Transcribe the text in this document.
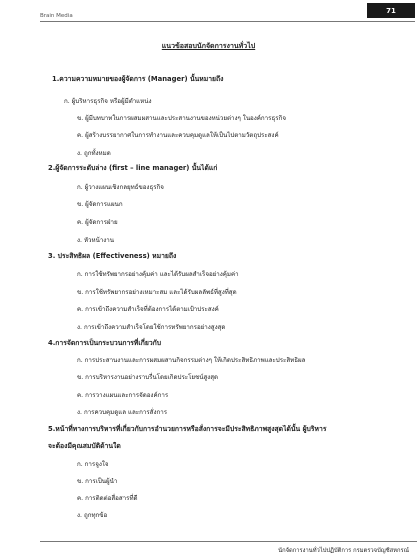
Brain Media
71
แนวข้อสอบนักจัดการงานทั่วไป
1.ความความหมายของผู้จัดการ (Manager) นั้นหมายถึง
ก. ผู้บริหารธุรกิจ หรือผู้มีตำแหน่ง
ข. ผู้มีบทบาทในการผสมผสานและประสานงานของหน่วยต่างๆ ในองค์การธุรกิจ
ค. ผู้สร้างบรรยากาศในการทำงานและควบคุมดูแลให้เป็นไปตามวัตถุประสงค์
ง. ถูกทั้งหมด
2.ผู้จัดการระดับล่าง (first – line manager) นั้นได้แก่
ก. ผู้วางแผนเชิงกลยุทธ์ของธุรกิจ
ข. ผู้จัดการแผนก
ค. ผู้จัดการฝ่าย
ง. หัวหน้างาน
3. ประสิทธิผล (Effectiveness) หมายถึง
ก. การใช้ทรัพยากรอย่างคุ้มค่า และได้รับผลสำเร็จอย่างคุ้มค่า
ข. การใช้ทรัพยากรอย่างเหมาะสม และได้รับผลลัพธ์ที่สูงที่สุด
ค. การเข้าถึงความสำเร็จที่ต้องการได้ตามเป้าประสงค์
ง. การเข้าถึงความสำเร็จโดยใช้การทรัพยากรอย่างสูงสุด
4.การจัดการเป็นกระบวนการที่เกี่ยวกับ
ก. การประสานงานและการผสมผสานกิจกรรมต่างๆ ให้เกิดประสิทธิภาพและประสิทธิผล
ข. การบริหารงานอย่างราบรื่นโดยเกิดประโยชน์สูงสุด
ค. การวางแผนและการจัดองค์การ
ง. การควบคุมดูแล และการสั่งการ
5.หน้าที่ทางการบริหารที่เกี่ยวกับการอำนวยการหรือสั่งการจะมีประสิทธิภาพสูงสุดได้นั้น ผู้บริหาร
จะต้องมีคุณสมบัติด้านใด
ก. การจูงใจ
ข. การเป็นผู้นำ
ค. การติดต่อสื่อสารที่ดี
ง. ถูกทุกข้อ
นักจัดการงานทั่วไปปฏิบัติการ กรมตรวจบัญชีสหกรณ์
